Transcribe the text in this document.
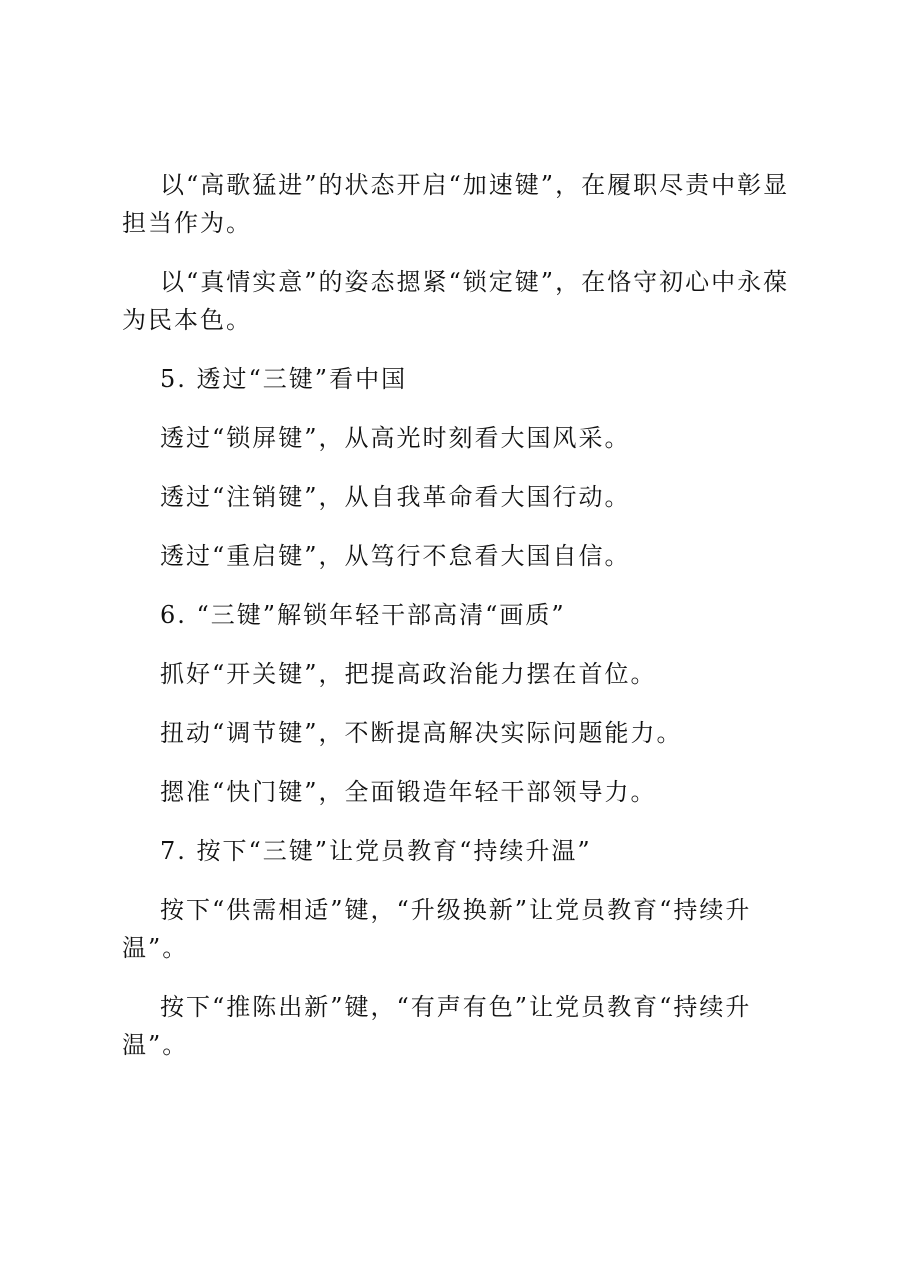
以“高歌猛进”的状态开启“加速键”，在履职尽责中彰显担当作为。

以“真情实意”的姿态摁紧“锁定键”，在恪守初心中永葆为民本色。

5. 透过“三键”看中国

透过“锁屏键”，从高光时刻看大国风采。

透过“注销键”，从自我革命看大国行动。

透过“重启键”，从笃行不怠看大国自信。

6. “三键”解锁年轻干部高清“画质”

抓好“开关键”，把提高政治能力摆在首位。

扭动“调节键”，不断提高解决实际问题能力。

摁准“快门键”，全面锻造年轻干部领导力。

7. 按下“三键”让党员教育“持续升温”

按下“供需相适”键，“升级换新”让党员教育“持续升温”。

按下“推陈出新”键，“有声有色”让党员教育“持续升温”。
